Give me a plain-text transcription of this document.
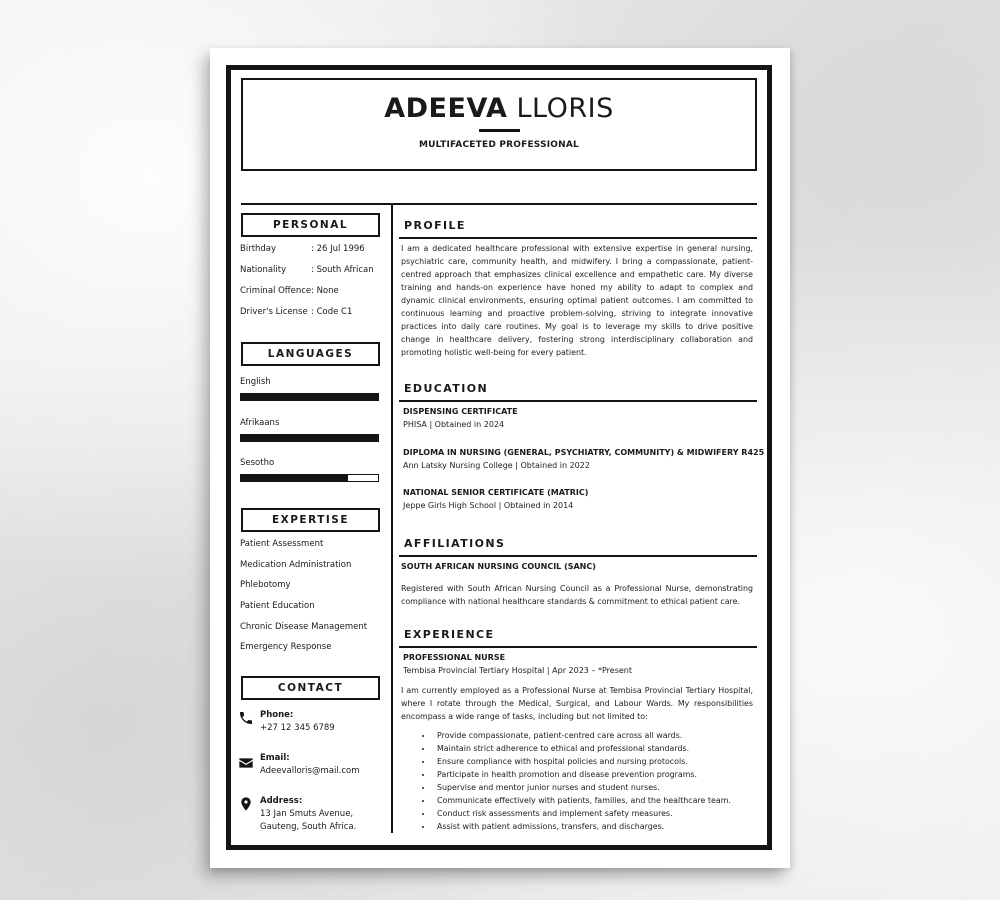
ADEEVA LLORIS
MULTIFACETED PROFESSIONAL
PERSONAL
Birthday	: 26 Jul 1996
Nationality	: South African
Criminal Offence: None
Driver's License : Code C1
LANGUAGES
English
Afrikaans
Sesotho
EXPERTISE
Patient Assessment
Medication Administration
Phlebotomy
Patient Education
Chronic Disease Management
Emergency Response
CONTACT
Phone:
+27 12 345 6789
Email:
Adeevalloris@mail.com
Address:
13 Jan Smuts Avenue,
Gauteng, South Africa.
PROFILE
I am a dedicated healthcare professional with extensive expertise in general nursing, psychiatric care, community health, and midwifery. I bring a compassionate, patient-centred approach that emphasizes clinical excellence and empathetic care. My diverse training and hands-on experience have honed my ability to adapt to complex and dynamic clinical environments, ensuring optimal patient outcomes. I am committed to continuous learning and proactive problem-solving, striving to integrate innovative practices into daily care routines. My goal is to leverage my skills to drive positive change in healthcare delivery, fostering strong interdisciplinary collaboration and promoting holistic well-being for every patient.
EDUCATION
DISPENSING CERTIFICATE
PHISA | Obtained in 2024
DIPLOMA IN NURSING (GENERAL, PSYCHIATRY, COMMUNITY) & MIDWIFERY R425
Ann Latsky Nursing College | Obtained in 2022
NATIONAL SENIOR CERTIFICATE (MATRIC)
Jeppe Girls High School | Obtained in 2014
AFFILIATIONS
SOUTH AFRICAN NURSING COUNCIL (SANC)
Registered with South African Nursing Council as a Professional Nurse, demonstrating compliance with national healthcare standards & commitment to ethical patient care.
EXPERIENCE
PROFESSIONAL NURSE
Tembisa Provincial Tertiary Hospital | Apr 2023 – *Present
I am currently employed as a Professional Nurse at Tembisa Provincial Tertiary Hospital, where I rotate through the Medical, Surgical, and Labour Wards. My responsibilities encompass a wide range of tasks, including but not limited to:
• Provide compassionate, patient-centred care across all wards.
• Maintain strict adherence to ethical and professional standards.
• Ensure compliance with hospital policies and nursing protocols.
• Participate in health promotion and disease prevention programs.
• Supervise and mentor junior nurses and student nurses.
• Communicate effectively with patients, families, and the healthcare team.
• Conduct risk assessments and implement safety measures.
• Assist with patient admissions, transfers, and discharges.
